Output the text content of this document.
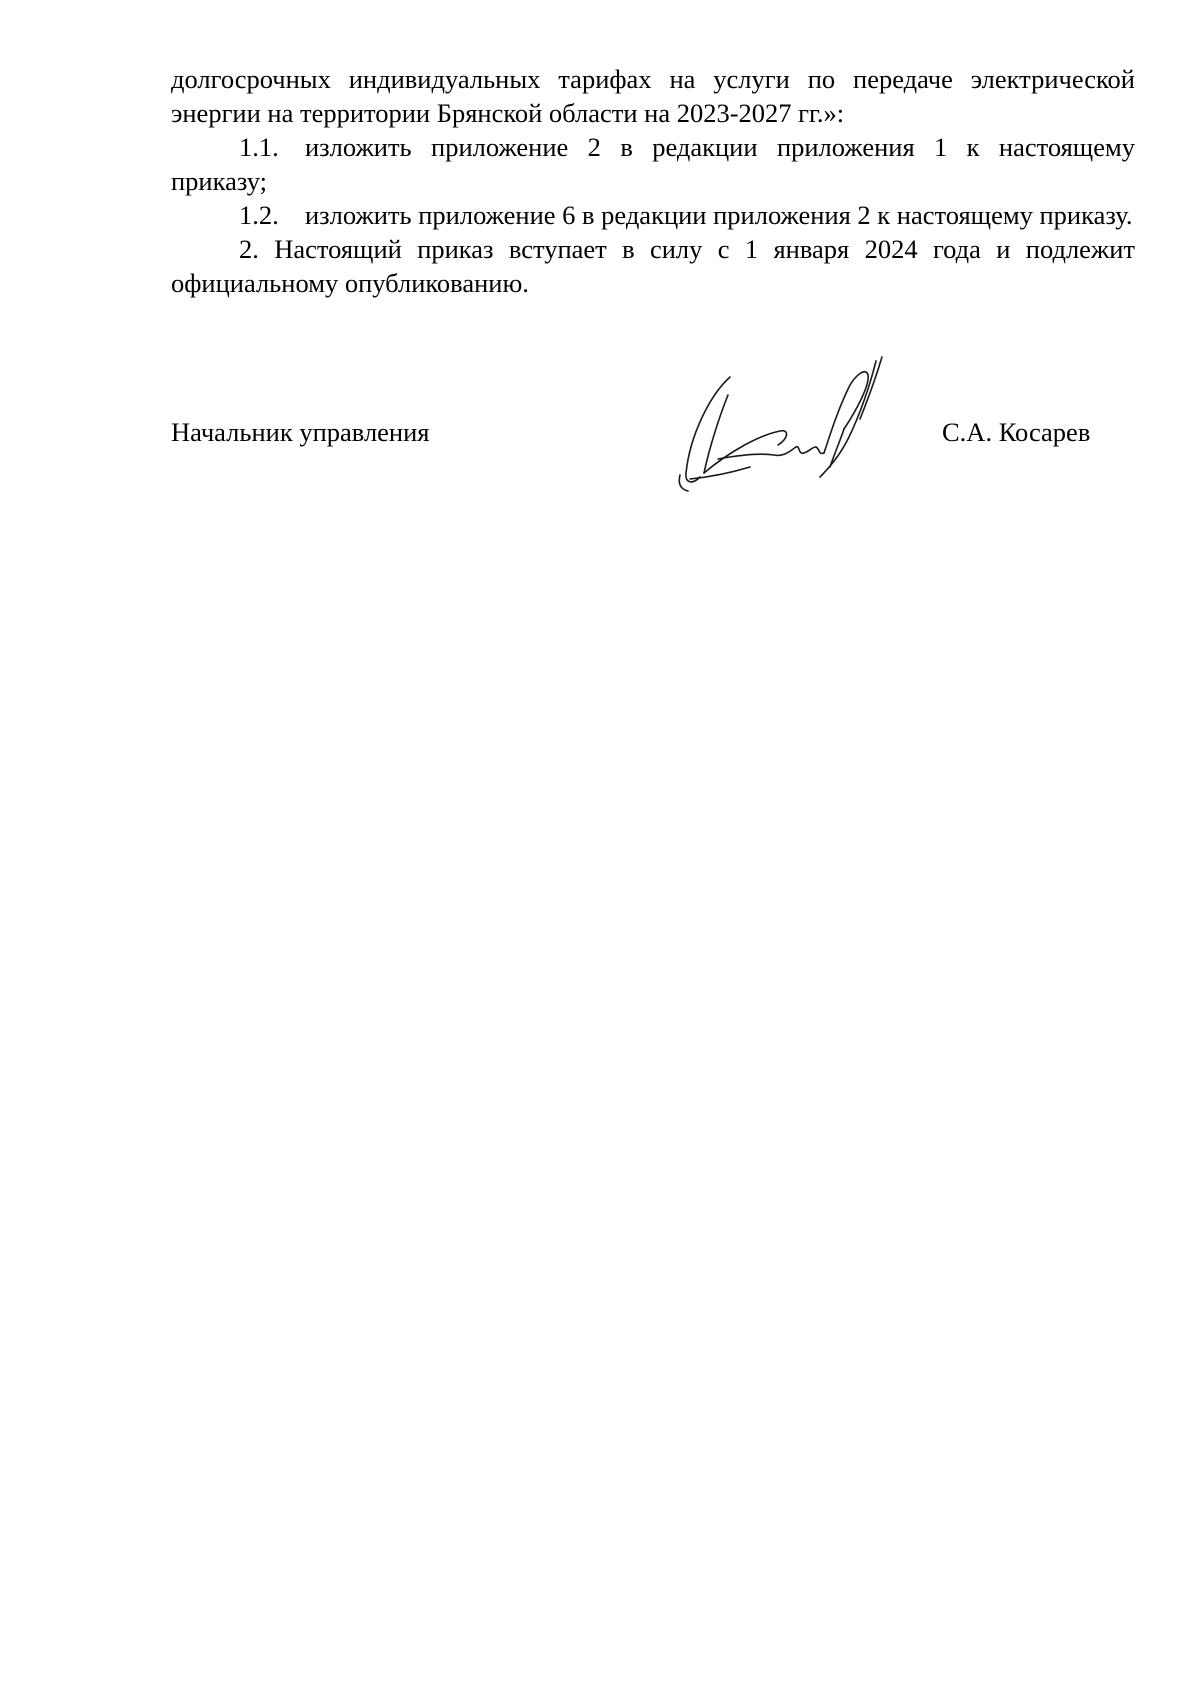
долгосрочных индивидуальных тарифах на услуги по передаче электрической

энергии на территории Брянской области на 2023-2027 гг.»:

1.1. изложить приложение 2 в редакции приложения 1 к настоящему приказу;

1.2. изложить приложение 6 в редакции приложения 2 к настоящему приказу.

2. Настоящий приказ вступает в силу с 1 января 2024 года и подлежит официальному опубликованию.

Начальник управления	С.А. Косарев
